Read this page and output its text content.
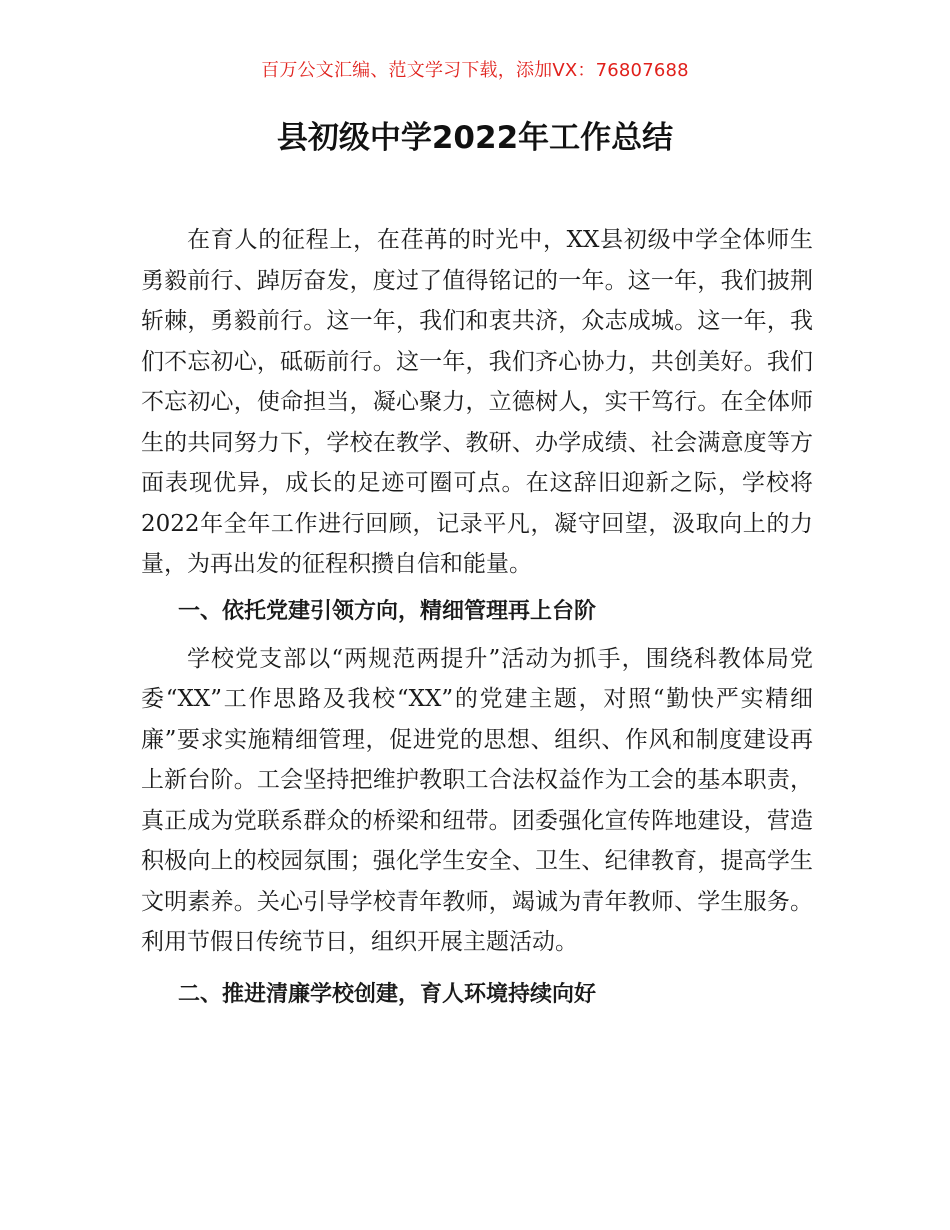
百万公文汇编、范文学习下载，添加VX：76807688
县初级中学2022年工作总结

在育人的征程上，在荏苒的时光中，XX县初级中学全体师生勇毅前行、踔厉奋发，度过了值得铭记的一年。这一年，我们披荆斩棘，勇毅前行。这一年，我们和衷共济，众志成城。这一年，我们不忘初心，砥砺前行。这一年，我们齐心协力，共创美好。我们不忘初心，使命担当，凝心聚力，立德树人，实干笃行。在全体师生的共同努力下，学校在教学、教研、办学成绩、社会满意度等方面表现优异，成长的足迹可圈可点。在这辞旧迎新之际，学校将2022年全年工作进行回顾，记录平凡，凝守回望，汲取向上的力量，为再出发的征程积攒自信和能量。

一、依托党建引领方向，精细管理再上台阶

学校党支部以“两规范两提升”活动为抓手，围绕科教体局党委“XX”工作思路及我校“XX”的党建主题，对照“勤快严实精细廉”要求实施精细管理，促进党的思想、组织、作风和制度建设再上新台阶。工会坚持把维护教职工合法权益作为工会的基本职责，真正成为党联系群众的桥梁和纽带。团委强化宣传阵地建设，营造积极向上的校园氛围；强化学生安全、卫生、纪律教育，提高学生文明素养。关心引导学校青年教师，竭诚为青年教师、学生服务。利用节假日传统节日，组织开展主题活动。

二、推进清廉学校创建，育人环境持续向好
